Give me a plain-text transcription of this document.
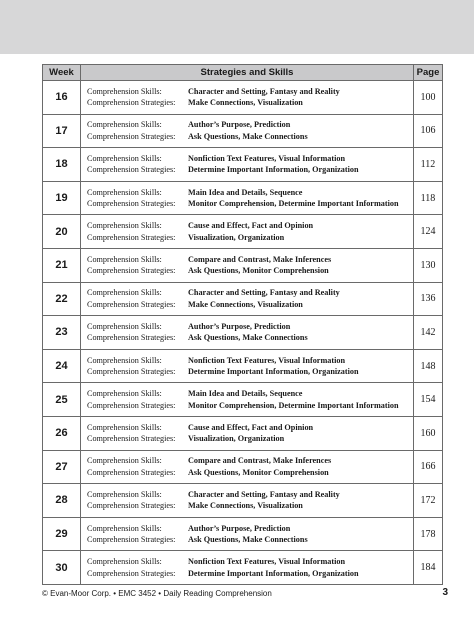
Week	Strategies and Skills	Page
16	Comprehension Skills: Character and Setting, Fantasy and Reality
Comprehension Strategies: Make Connections, Visualization	100
17	Comprehension Skills: Author’s Purpose, Prediction
Comprehension Strategies: Ask Questions, Make Connections	106
18	Comprehension Skills: Nonfiction Text Features, Visual Information
Comprehension Strategies: Determine Important Information, Organization	112
19	Comprehension Skills: Main Idea and Details, Sequence
Comprehension Strategies: Monitor Comprehension, Determine Important Information	118
20	Comprehension Skills: Cause and Effect, Fact and Opinion
Comprehension Strategies: Visualization, Organization	124
21	Comprehension Skills: Compare and Contrast, Make Inferences
Comprehension Strategies: Ask Questions, Monitor Comprehension	130
22	Comprehension Skills: Character and Setting, Fantasy and Reality
Comprehension Strategies: Make Connections, Visualization	136
23	Comprehension Skills: Author’s Purpose, Prediction
Comprehension Strategies: Ask Questions, Make Connections	142
24	Comprehension Skills: Nonfiction Text Features, Visual Information
Comprehension Strategies: Determine Important Information, Organization	148
25	Comprehension Skills: Main Idea and Details, Sequence
Comprehension Strategies: Monitor Comprehension, Determine Important Information	154
26	Comprehension Skills: Cause and Effect, Fact and Opinion
Comprehension Strategies: Visualization, Organization	160
27	Comprehension Skills: Compare and Contrast, Make Inferences
Comprehension Strategies: Ask Questions, Monitor Comprehension	166
28	Comprehension Skills: Character and Setting, Fantasy and Reality
Comprehension Strategies: Make Connections, Visualization	172
29	Comprehension Skills: Author’s Purpose, Prediction
Comprehension Strategies: Ask Questions, Make Connections	178
30	Comprehension Skills: Nonfiction Text Features, Visual Information
Comprehension Strategies: Determine Important Information, Organization	184
© Evan-Moor Corp. • EMC 3452 • Daily Reading Comprehension	3
